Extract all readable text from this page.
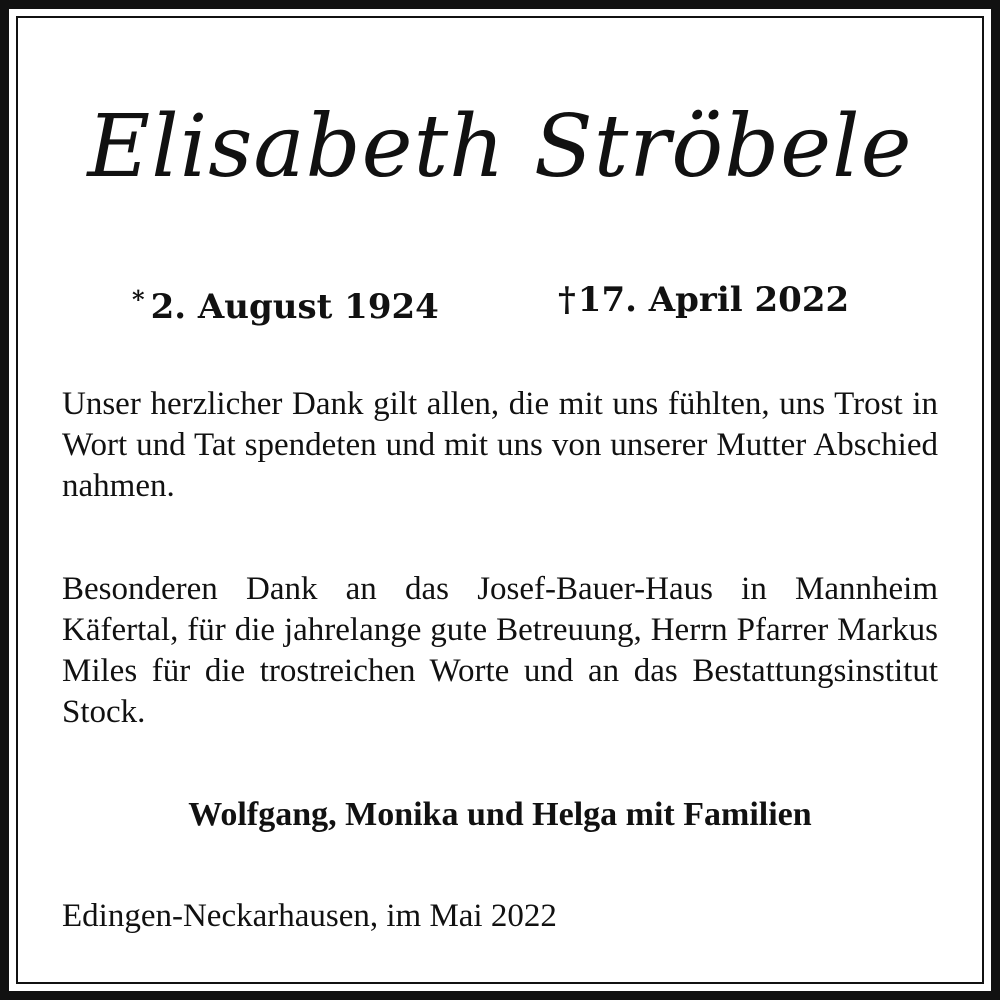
Elisabeth Ströbele
* 2. August 1924	†17. April 2022
Unser herzlicher Dank gilt allen, die mit uns fühlten, uns Trost in Wort und Tat spendeten und mit uns von unserer Mutter Abschied nahmen.
Besonderen Dank an das Josef-Bauer-Haus in Mannheim Käfertal, für die jahrelange gute Betreuung, Herrn Pfarrer Markus Miles für die trostreichen Worte und an das Bestattungsinstitut Stock.
Wolfgang, Monika und Helga mit Familien
Edingen-Neckarhausen, im Mai 2022
